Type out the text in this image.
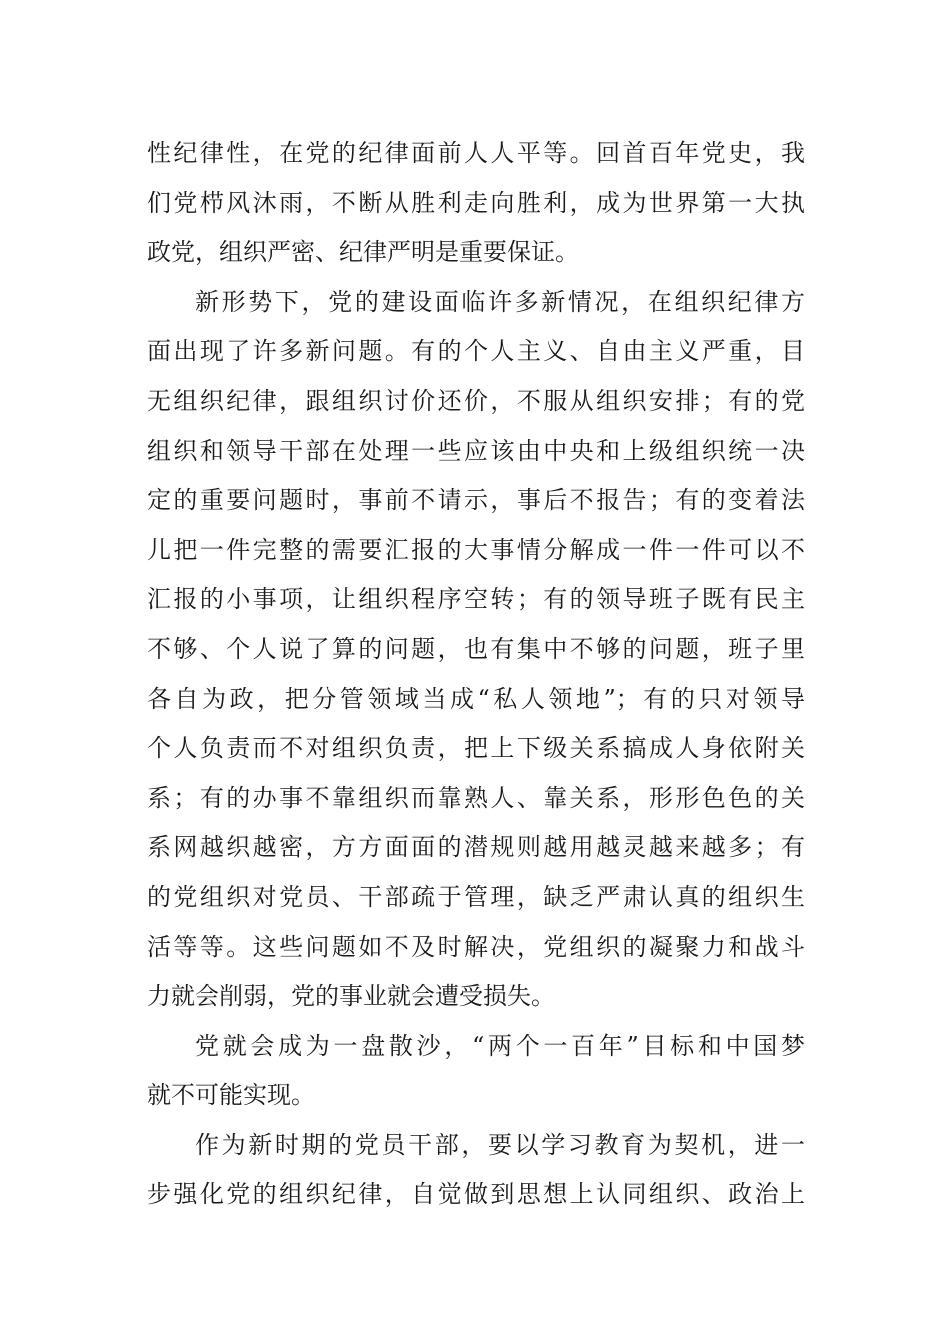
性纪律性，在党的纪律面前人人平等。回首百年党史，我
们党栉风沐雨，不断从胜利走向胜利，成为世界第一大执
政党，组织严密、纪律严明是重要保证。
新形势下，党的建设面临许多新情况，在组织纪律方
面出现了许多新问题。有的个人主义、自由主义严重，目
无组织纪律，跟组织讨价还价，不服从组织安排；有的党
组织和领导干部在处理一些应该由中央和上级组织统一决
定的重要问题时，事前不请示，事后不报告；有的变着法
儿把一件完整的需要汇报的大事情分解成一件一件可以不
汇报的小事项，让组织程序空转；有的领导班子既有民主
不够、个人说了算的问题，也有集中不够的问题，班子里
各自为政，把分管领域当成“私人领地”；有的只对领导
个人负责而不对组织负责，把上下级关系搞成人身依附关
系；有的办事不靠组织而靠熟人、靠关系，形形色色的关
系网越织越密，方方面面的潜规则越用越灵越来越多；有
的党组织对党员、干部疏于管理，缺乏严肃认真的组织生
活等等。这些问题如不及时解决，党组织的凝聚力和战斗
力就会削弱，党的事业就会遭受损失。
党就会成为一盘散沙，“两个一百年”目标和中国梦
就不可能实现。
作为新时期的党员干部，要以学习教育为契机，进一
步强化党的组织纪律，自觉做到思想上认同组织、政治上
